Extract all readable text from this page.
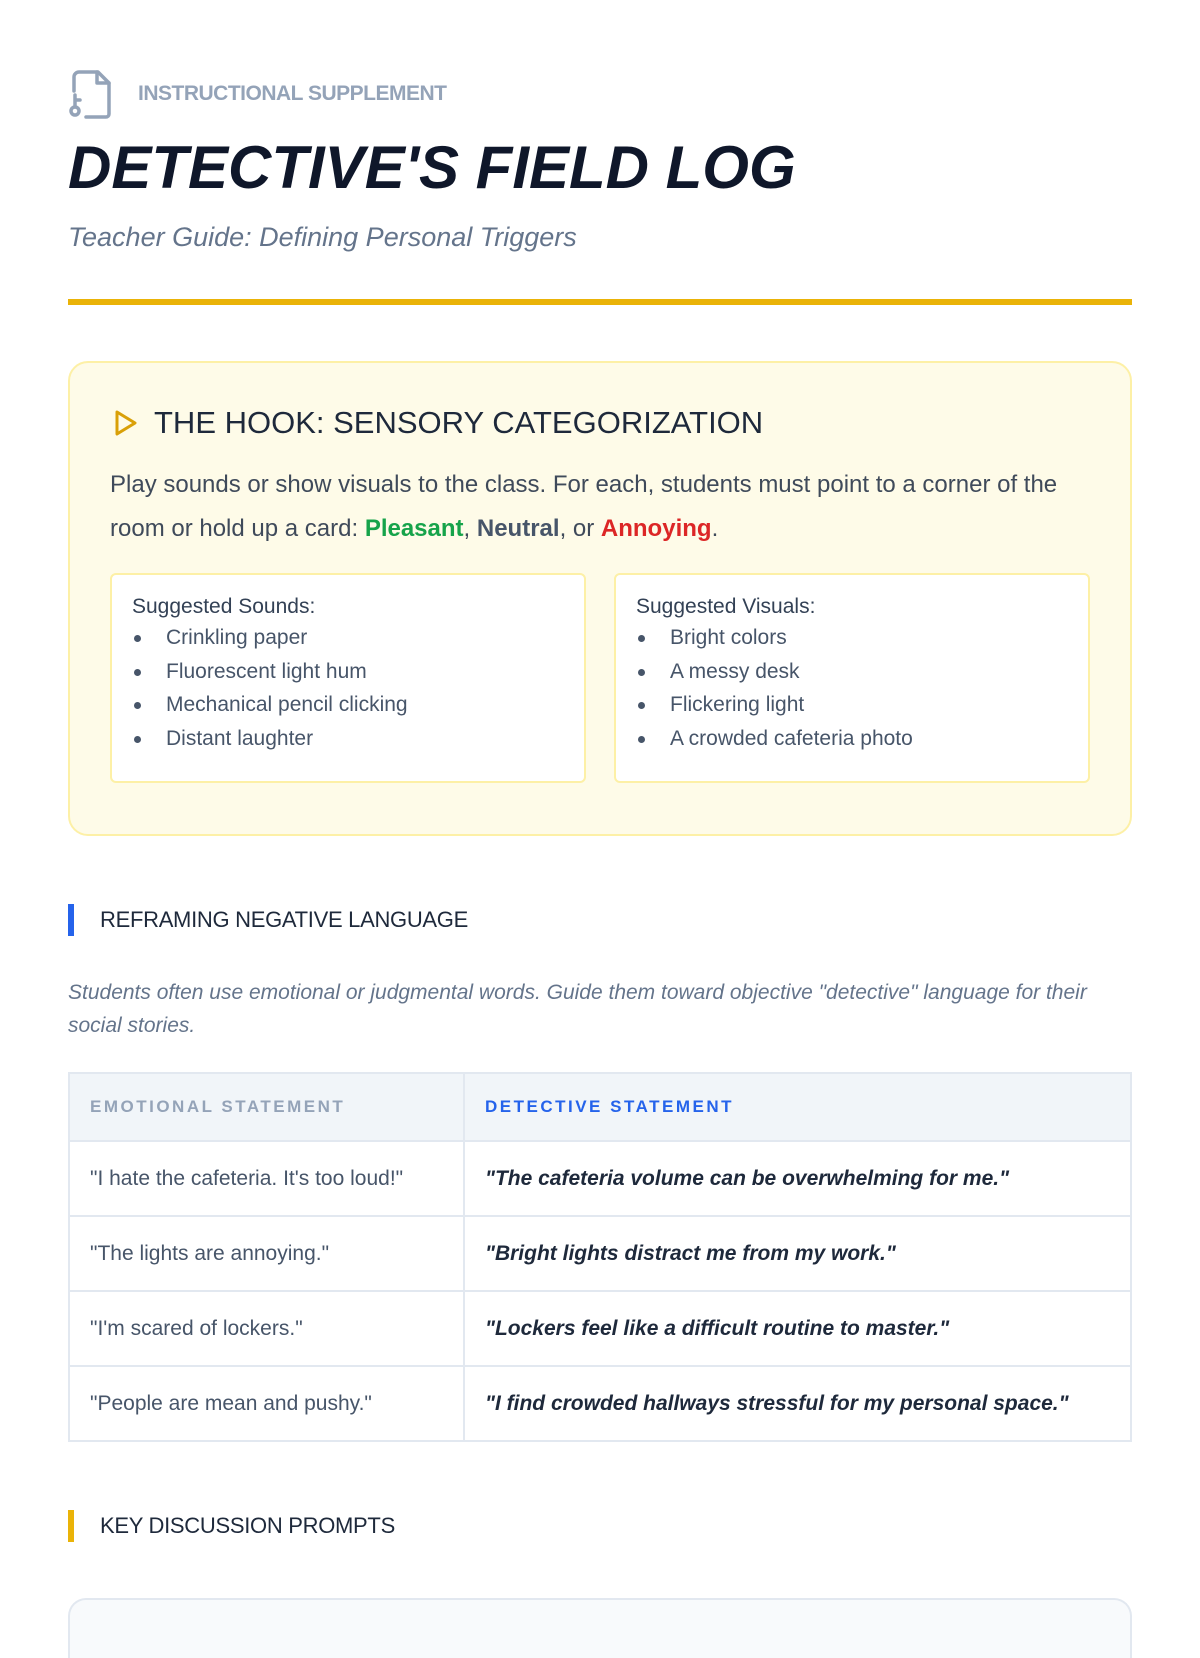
INSTRUCTIONAL SUPPLEMENT
DETECTIVE'S FIELD LOG
Teacher Guide: Defining Personal Triggers
THE HOOK: SENSORY CATEGORIZATION

Play sounds or show visuals to the class. For each, students must point to a corner of the room or hold up a card: Pleasant, Neutral, or Annoying.

Suggested Sounds:
Crinkling paper
Fluorescent light hum
Mechanical pencil clicking
Distant laughter
Suggested Visuals:
Bright colors
A messy desk
Flickering light
A crowded cafeteria photo
REFRAMING NEGATIVE LANGUAGE
Students often use emotional or judgmental words. Guide them toward objective "detective" language for their social stories.
EMOTIONAL STATEMENT	DETECTIVE STATEMENT
"I hate the cafeteria. It's too loud!"	"The cafeteria volume can be overwhelming for me."
"The lights are annoying."	"Bright lights distract me from my work."
"I'm scared of lockers."	"Lockers feel like a difficult routine to master."
"People are mean and pushy."	"I find crowded hallways stressful for my personal space."
KEY DISCUSSION PROMPTS
